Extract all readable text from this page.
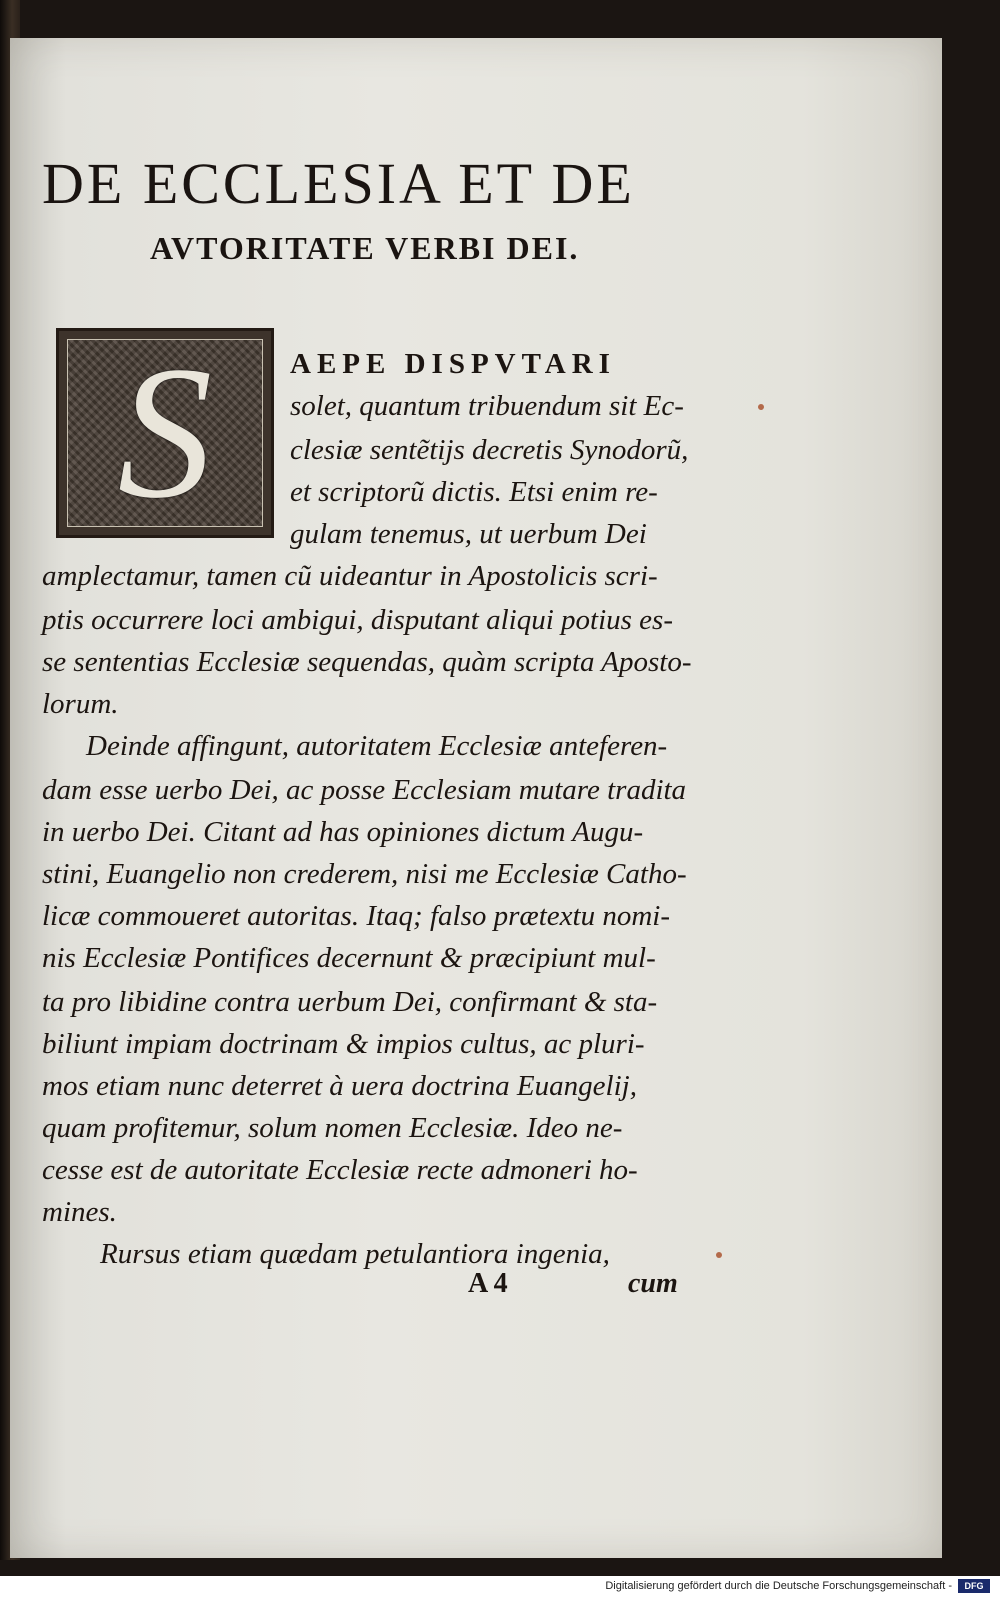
DE ECCLESIA ET DE
AVTORITATE VERBI DEI.
S	AEPE DISPVTARI
solet, quantum tribuendum sit Ec-
clesiæ sentẽtijs decretis Synodorũ,
et scriptorũ dictis. Etsi enim re-
gulam tenemus, ut uerbum Dei
amplectamur, tamen cũ uideantur in Apostolicis scri-
ptis occurrere loci ambigui, disputant aliqui potius es-
se sententias Ecclesiæ sequendas, quàm scripta Aposto-
lorum.
Deinde affingunt, autoritatem Ecclesiæ anteferen-
dam esse uerbo Dei, ac posse Ecclesiam mutare tradita
in uerbo Dei. Citant ad has opiniones dictum Augu-
stini, Euangelio non crederem, nisi me Ecclesiæ Catho-
licæ commoueret autoritas. Itaq; falso prætextu nomi-
nis Ecclesiæ Pontifices decernunt & præcipiunt mul-
ta pro libidine contra uerbum Dei, confirmant & sta-
biliunt impiam doctrinam & impios cultus, ac pluri-
mos etiam nunc deterret à uera doctrina Euangelij,
quam profitemur, solum nomen Ecclesiæ. Ideo ne-
cesse est de autoritate Ecclesiæ recte admoneri ho-
mines.
Rursus etiam quædam petulantiora ingenia,
A 4	cum
Digitalisierung gefördert durch die Deutsche Forschungsgemeinschaft -	DFG
